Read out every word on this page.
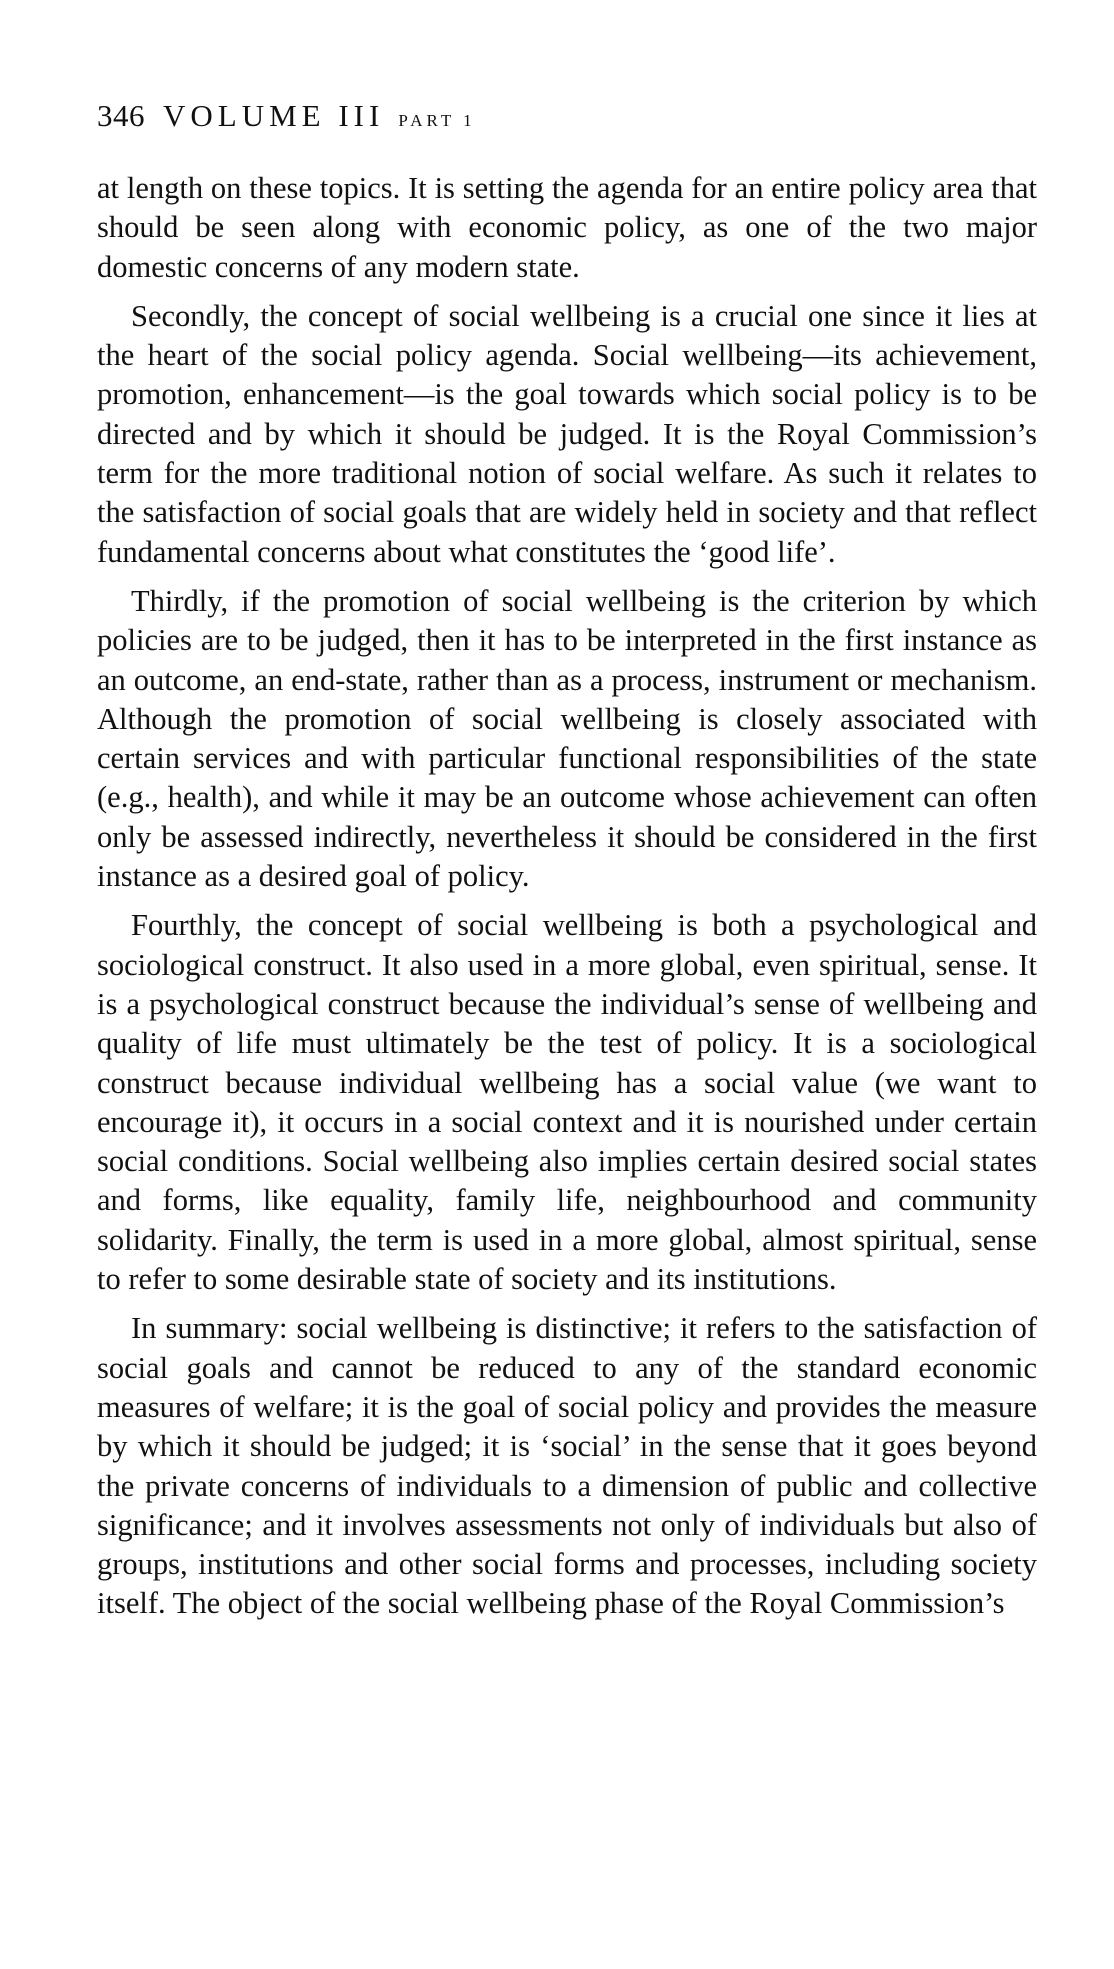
346 VOLUME III PART 1

at length on these topics. It is setting the agenda for an entire policy area that should be seen along with economic policy, as one of the two major domestic concerns of any modern state.

Secondly, the concept of social wellbeing is a crucial one since it lies at the heart of the social policy agenda. Social wellbeing—its achievement, promotion, enhancement—is the goal towards which social policy is to be directed and by which it should be judged. It is the Royal Commission’s term for the more traditional notion of social welfare. As such it relates to the satisfaction of social goals that are widely held in society and that reflect fundamental concerns about what constitutes the ‘good life’.

Thirdly, if the promotion of social wellbeing is the criterion by which policies are to be judged, then it has to be interpreted in the first instance as an outcome, an end-state, rather than as a process, instrument or mechanism. Although the promotion of social wellbeing is closely associated with certain services and with particular functional responsibilities of the state (e.g., health), and while it may be an outcome whose achievement can often only be assessed indirectly, nevertheless it should be considered in the first instance as a desired goal of policy.

Fourthly, the concept of social wellbeing is both a psychological and sociological construct. It also used in a more global, even spiritual, sense. It is a psychological construct because the individual’s sense of wellbeing and quality of life must ultimately be the test of policy. It is a sociological construct because individual wellbeing has a social value (we want to encourage it), it occurs in a social context and it is nourished under certain social conditions. Social wellbeing also implies certain desired social states and forms, like equality, family life, neighbourhood and community solidarity. Finally, the term is used in a more global, almost spiritual, sense to refer to some desirable state of society and its institutions.

In summary: social wellbeing is distinctive; it refers to the satisfaction of social goals and cannot be reduced to any of the standard economic measures of welfare; it is the goal of social policy and provides the measure by which it should be judged; it is ‘social’ in the sense that it goes beyond the private concerns of individuals to a dimension of public and collective significance; and it involves assessments not only of individuals but also of groups, institutions and other social forms and processes, including society itself. The object of the social wellbeing phase of the Royal Commission’s
